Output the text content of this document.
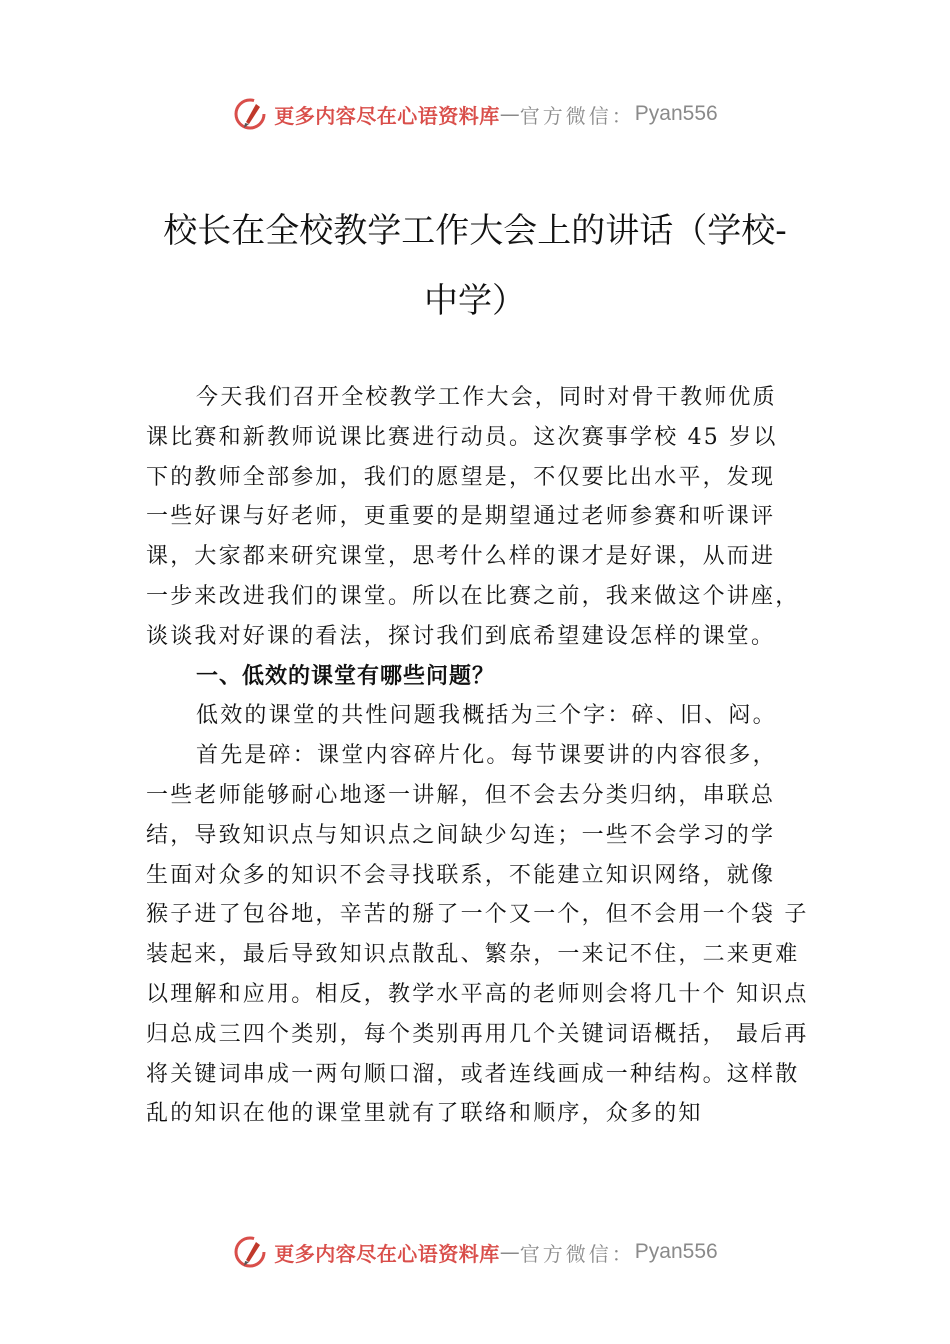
更多内容尽在心语资料库 — 官方微信： Pyan556
校长在全校教学工作大会上的讲话（学校-
中学）
今天我们召开全校教学工作大会，同时对骨干教师优质
课比赛和新教师说课比赛进行动员。这次赛事学校 45 岁以
下的教师全部参加，我们的愿望是，不仅要比出水平，发现
一些好课与好老师，更重要的是期望通过老师参赛和听课评
课，大家都来研究课堂，思考什么样的课才是好课，从而进
一步来改进我们的课堂。所以在比赛之前，我来做这个讲座，
谈谈我对好课的看法，探讨我们到底希望建设怎样的课堂。
一、低效的课堂有哪些问题？
低效的课堂的共性问题我概括为三个字：碎、旧、闷。
首先是碎：课堂内容碎片化。每节课要讲的内容很多，
一些老师能够耐心地逐一讲解，但不会去分类归纳，串联总
结，导致知识点与知识点之间缺少勾连；一些不会学习的学
生面对众多的知识不会寻找联系，不能建立知识网络，就像
猴子进了包谷地，辛苦的掰了一个又一个，但不会用一个袋 子
装起来，最后导致知识点散乱、繁杂，一来记不住，二来更难
以理解和应用。相反，教学水平高的老师则会将几十个 知识点
归总成三四个类别，每个类别再用几个关键词语概括， 最后再
将关键词串成一两句顺口溜，或者连线画成一种结构。这样散
乱的知识在他的课堂里就有了联络和顺序，众多的知
更多内容尽在心语资料库 — 官方微信： Pyan556
